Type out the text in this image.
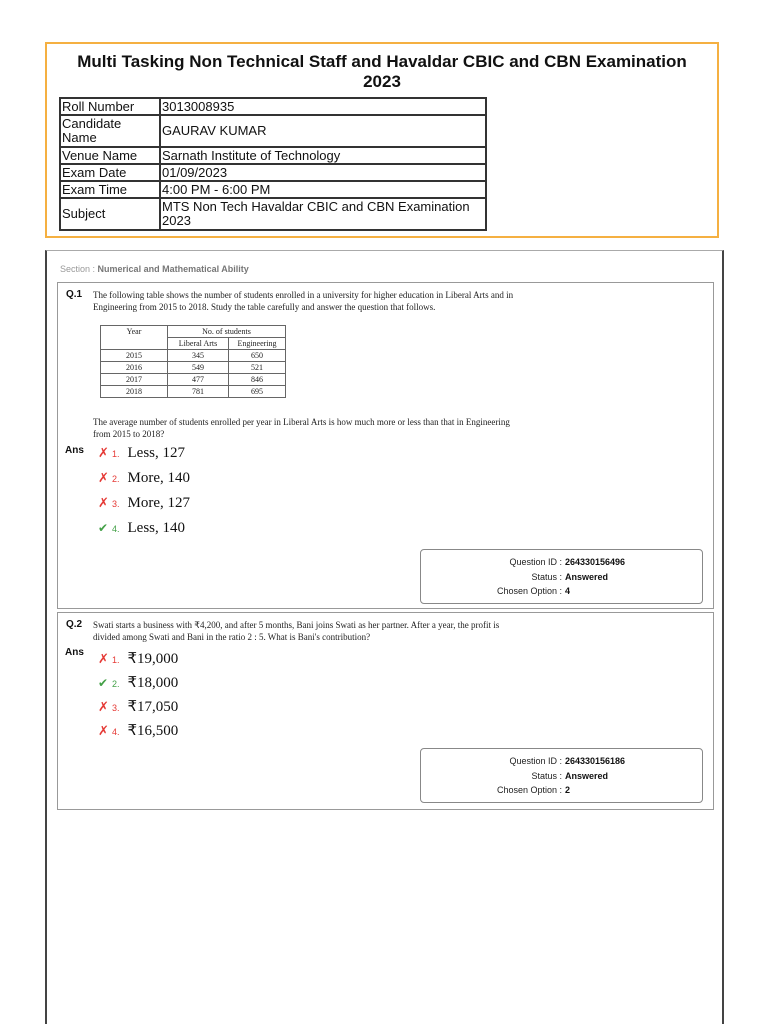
Multi Tasking Non Technical Staff and Havaldar CBIC and CBN Examination 2023
Roll Number	3013008935
Candidate Name	GAURAV KUMAR
Venue Name	Sarnath Institute of Technology
Exam Date	01/09/2023
Exam Time	4:00 PM - 6:00 PM
Subject	MTS Non Tech Havaldar CBIC and CBN Examination 2023
Section : Numerical and Mathematical Ability
Q.1 The following table shows the number of students enrolled in a university for higher education in Liberal Arts and in Engineering from 2015 to 2018. Study the table carefully and answer the question that follows.
Year	No. of students	
	Liberal Arts	Engineering
2015	345	650
2016	549	521
2017	477	846
2018	781	695
The average number of students enrolled per year in Liberal Arts is how much more or less than that in Engineering from 2015 to 2018?
Ans ✗ 1. Less, 127
✗ 2. More, 140
✗ 3. More, 127
✔ 4. Less, 140
Question ID : 264330156496
Status : Answered
Chosen Option : 4
Q.2 Swati starts a business with ₹4,200, and after 5 months, Bani joins Swati as her partner. After a year, the profit is divided among Swati and Bani in the ratio 2 : 5. What is Bani's contribution?
Ans ✗ 1. ₹19,000
✔ 2. ₹18,000
✗ 3. ₹17,050
✗ 4. ₹16,500
Question ID : 264330156186
Status : Answered
Chosen Option : 2
